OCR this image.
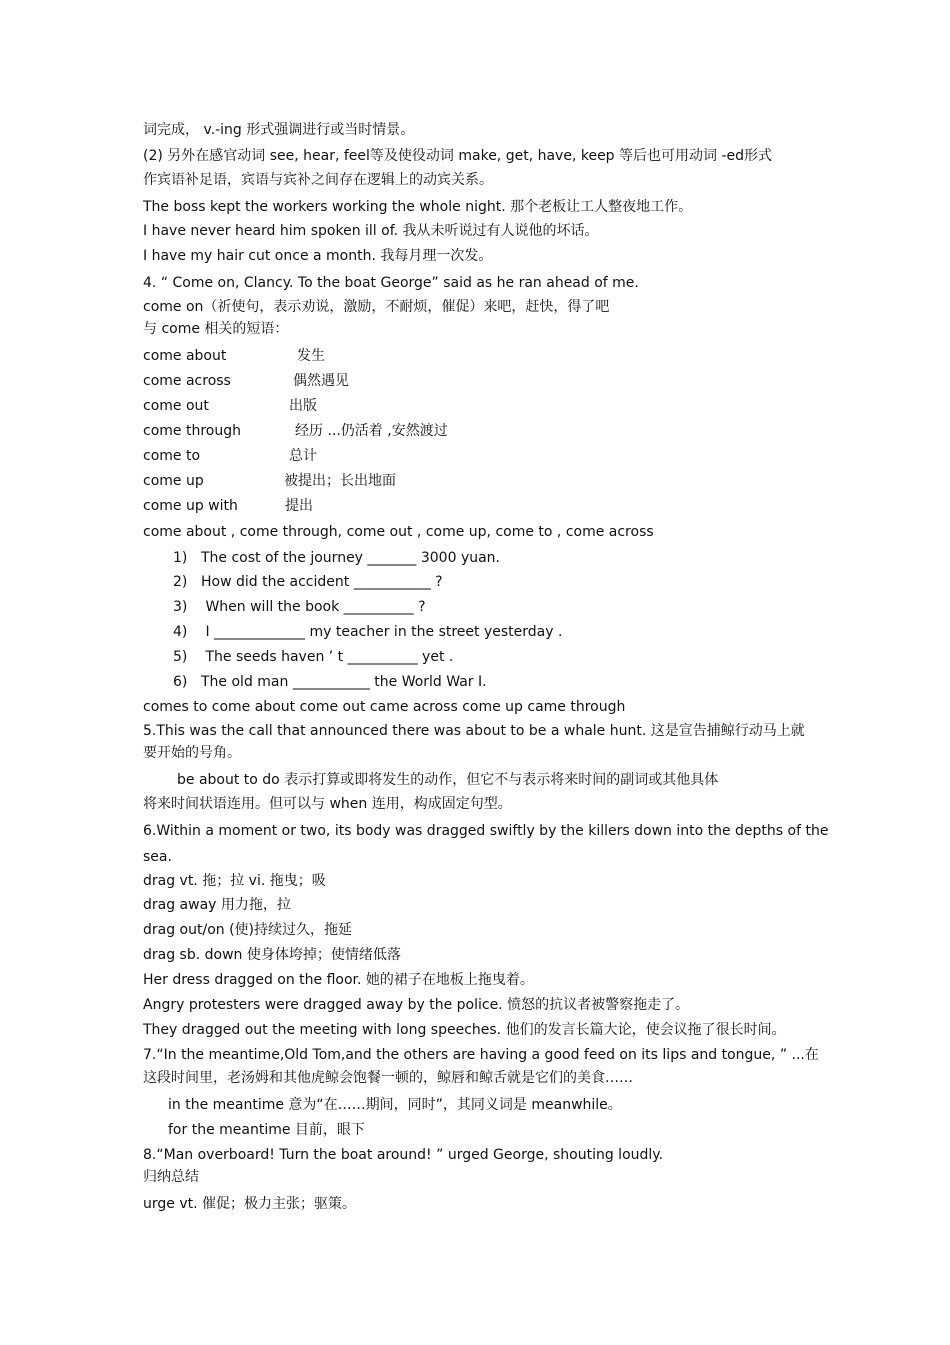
词完成， v.-ing 形式强调进行或当时情景。
(2) 另外在感官动词 see, hear, feel等及使役动词 make, get, have, keep 等后也可用动词 -ed形式
作宾语补足语，宾语与宾补之间存在逻辑上的动宾关系。
The boss kept the workers working the whole night. 那个老板让工人整夜地工作。
I have never heard him spoken ill of. 我从未听说过有人说他的坏话。
I have my hair cut once a month. 我每月理一次发。
4. “ Come on, Clancy. To the boat George” said as he ran ahead of me.
come on（祈使句，表示劝说，激励，不耐烦，催促）来吧，赶快，得了吧
与 come 相关的短语：
come about	发生
come across	偶然遇见
come out	出版
come through	经历 ...仍活着 ,安然渡过
come to	总计
come up	被提出；长出地面
come up with	提出
come about , come through, come out , come up, come to , come across
1) The cost of the journey _______ 3000 yuan.
2) How did the accident ___________ ?
3) When will the book __________ ?
4) I _____________ my teacher in the street yesterday .
5) The seeds haven ’ t __________ yet .
6) The old man ___________ the World War I.
comes to come about come out came across come up came through
5.This was the call that announced there was about to be a whale hunt. 这是宣告捕鲸行动马上就
要开始的号角。
be about to do 表示打算或即将发生的动作，但它不与表示将来时间的副词或其他具体
将来时间状语连用。但可以与 when 连用，构成固定句型。
6.Within a moment or two, its body was dragged swiftly by the killers down into the depths of the
sea.
drag vt. 拖；拉 vi. 拖曳；吸
drag away 用力拖，拉
drag out/on (使)持续过久，拖延
drag sb. down 使身体垮掉；使情绪低落
Her dress dragged on the floor. 她的裙子在地板上拖曳着。
Angry protesters were dragged away by the police. 愤怒的抗议者被警察拖走了。
They dragged out the meeting with long speeches. 他们的发言长篇大论，使会议拖了很长时间。
7.“In the meantime,Old Tom,and the others are having a good feed on its lips and tongue, ” ...在
这段时间里，老汤姆和其他虎鲸会饱餐一顿的，鲸唇和鲸舌就是它们的美食……
in the meantime 意为“在……期间，同时”，其同义词是 meanwhile。
for the meantime 目前，眼下
8.“Man overboard! Turn the boat around! ” urged George, shouting loudly.
归纳总结
urge vt. 催促；极力主张；驱策。
